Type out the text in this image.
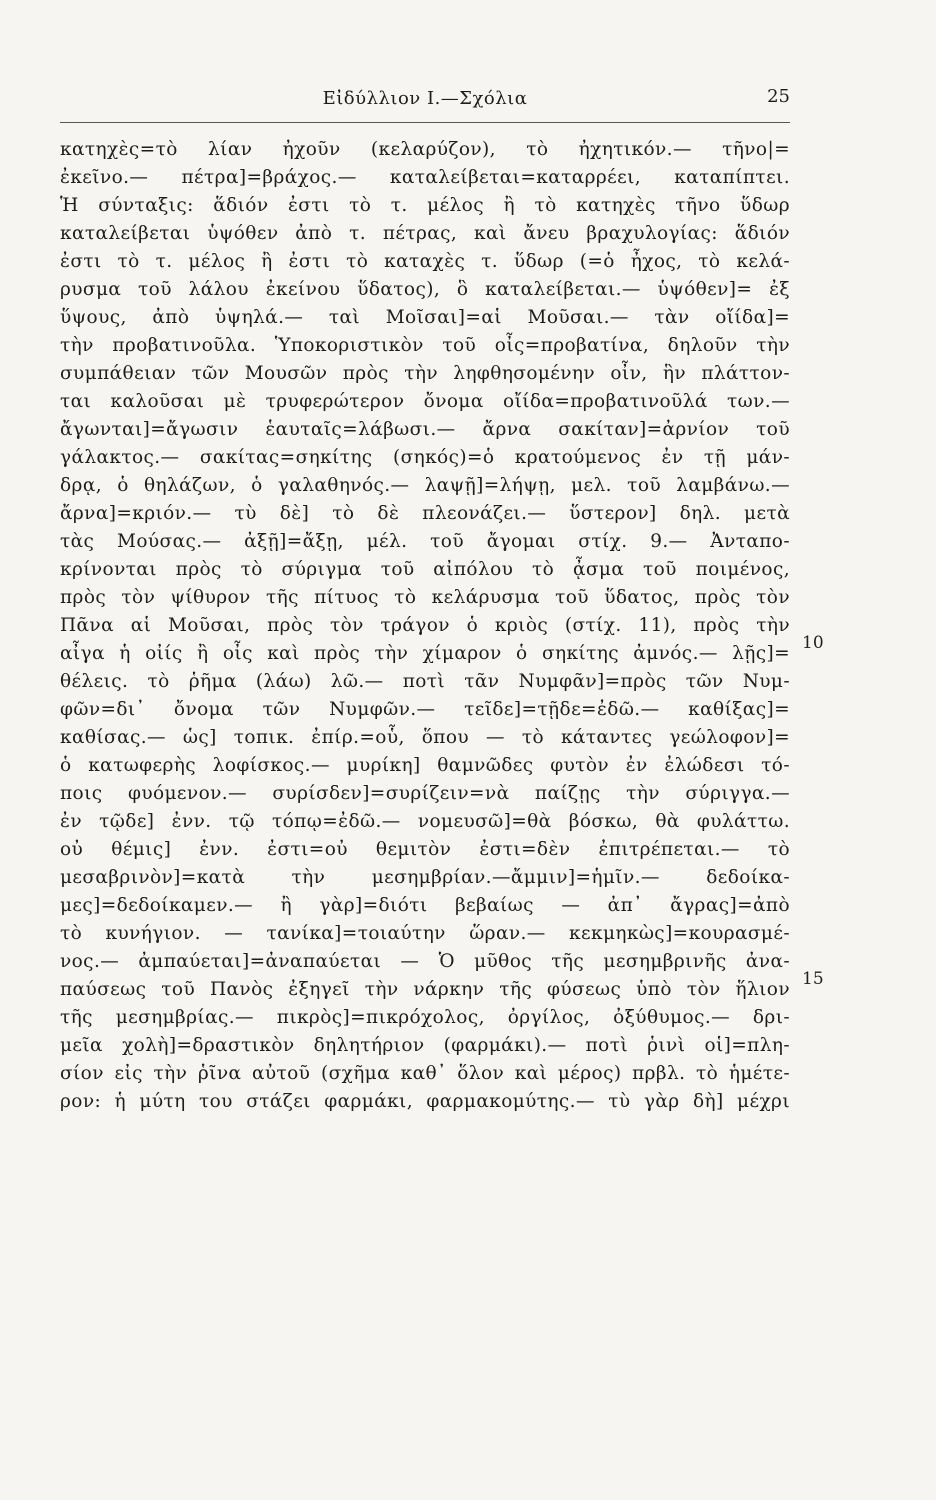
Εἰδύλλιον Ι.—Σχόλια	25
κατηχὲς=τὸ λίαν ἠχοῦν (κελαρύζον), τὸ ἠχητικόν.— τῆνο|=
ἐκεῖνο.— πέτρα]=βράχος.— καταλείβεται=καταρρέει, καταπίπτει.
Ἡ σύνταξις: ἅδιόν ἐστι τὸ τ. μέλος ἢ τὸ κατηχὲς τῆνο ὕδωρ
καταλείβεται ὑψόθεν ἀπὸ τ. πέτρας, καὶ ἄνευ βραχυλογίας: ἅδιόν
ἐστι τὸ τ. μέλος ἢ ἐστι τὸ καταχὲς τ. ὕδωρ (=ὁ ἦχος, τὸ κελά-
ρυσμα τοῦ λάλου ἐκείνου ὕδατος), ὃ καταλείβεται.— ὑψόθεν]= ἐξ
ὕψους, ἀπὸ ὑψηλά.— ταὶ Μοῖσαι]=αἱ Μοῦσαι.— τὰν οἴίδα]=
τὴν προβατινοῦλα. Ὑποκοριστικὸν τοῦ οἶς=προβατίνα, δηλοῦν τὴν
συμπάθειαν τῶν Μουσῶν πρὸς τὴν ληφθησομένην οἶν, ἣν πλάττον-
ται καλοῦσαι μὲ τρυφερώτερον ὄνομα οἴίδα=προβατινοῦλά των.—
ἄγωνται]=ἄγωσιν ἑαυταῖς=λάβωσι.— ἄρνα σακίταν]=ἀρνίον τοῦ
γάλακτος.— σακίτας=σηκίτης (σηκός)=ὁ κρατούμενος ἐν τῇ μάν-
δρᾳ, ὁ θηλάζων, ὁ γαλαθηνός.— λαψῇ]=λήψῃ, μελ. τοῦ λαμβάνω.—
ἄρνα]=κριόν.— τὺ δὲ] τὸ δὲ πλεονάζει.— ὕστερον] δηλ. μετὰ
τὰς Μούσας.— ἀξῇ]=ἄξῃ, μέλ. τοῦ ἄγομαι στίχ. 9.— Ἀνταπο-
κρίνονται πρὸς τὸ σύριγμα τοῦ αἰπόλου τὸ ᾆσμα τοῦ ποιμένος,
πρὸς τὸν ψίθυρον τῆς πίτυος τὸ κελάρυσμα τοῦ ὕδατος, πρὸς τὸν
Πᾶνα αἱ Μοῦσαι, πρὸς τὸν τράγον ὁ κριὸς (στίχ. 11), πρὸς τὴν
αἶγα ἡ οἰίς ἢ οἶς καὶ πρὸς τὴν χίμαρον ὁ σηκίτης ἀμνός.— λῇς]=
θέλεις. τὸ ῥῆμα (λάω) λῶ.— ποτὶ τᾶν Νυμφᾶν]=πρὸς τῶν Νυμ-
φῶν=δι᾿ ὄνομα τῶν Νυμφῶν.— τεῖδε]=τῇδε=ἐδῶ.— καθίξας]=
καθίσας.— ὡς] τοπικ. ἐπίρ.=οὗ, ὅπου — τὸ κάταντες γεώλοφον]=
ὁ κατωφερὴς λοφίσκος.— μυρίκη] θαμνῶδες φυτὸν ἐν ἐλώδεσι τό-
ποις φυόμενον.— συρίσδεν]=συρίζειν=νὰ παίζῃς τὴν σύριγγα.—
ἐν τῷδε] ἐνν. τῷ τόπῳ=ἐδῶ.— νομευσῶ]=θὰ βόσκω, θὰ φυλάττω.
οὐ θέμις] ἐνν. ἐστι=οὐ θεμιτὸν ἐστι=δὲν ἐπιτρέπεται.— τὸ
μεσαβρινὸν]=κατὰ τὴν μεσημβρίαν.—ἄμμιν]=ἡμῖν.— δεδοίκα-
μες]=δεδοίκαμεν.— ἢ γὰρ]=διότι βεβαίως — ἀπ᾿ ἄγρας]=ἀπὸ
τὸ κυνήγιον. — τανίκα]=τοιαύτην ὥραν.— κεκμηκὼς]=κουρασμέ-
νος.— ἀμπαύεται]=ἀναπαύεται — Ὁ μῦθος τῆς μεσημβρινῆς ἀνα-
παύσεως τοῦ Πανὸς ἐξηγεῖ τὴν νάρκην τῆς φύσεως ὑπὸ τὸν ἥλιον
τῆς μεσημβρίας.— πικρὸς]=πικρόχολος, ὀργίλος, ὀξύθυμος.— δρι-
μεῖα χολὴ]=δραστικὸν δηλητήριον (φαρμάκι).— ποτὶ ῥινὶ οἱ]=πλη-
σίον εἰς τὴν ῥῖνα αὐτοῦ (σχῆμα καθ᾿ ὅλον καὶ μέρος) πρβλ. τὸ ἡμέτε-
ρον: ἡ μύτη του στάζει φαρμάκι, φαρμακομύτης.— τὺ γὰρ δὴ] μέχρι
10
15
